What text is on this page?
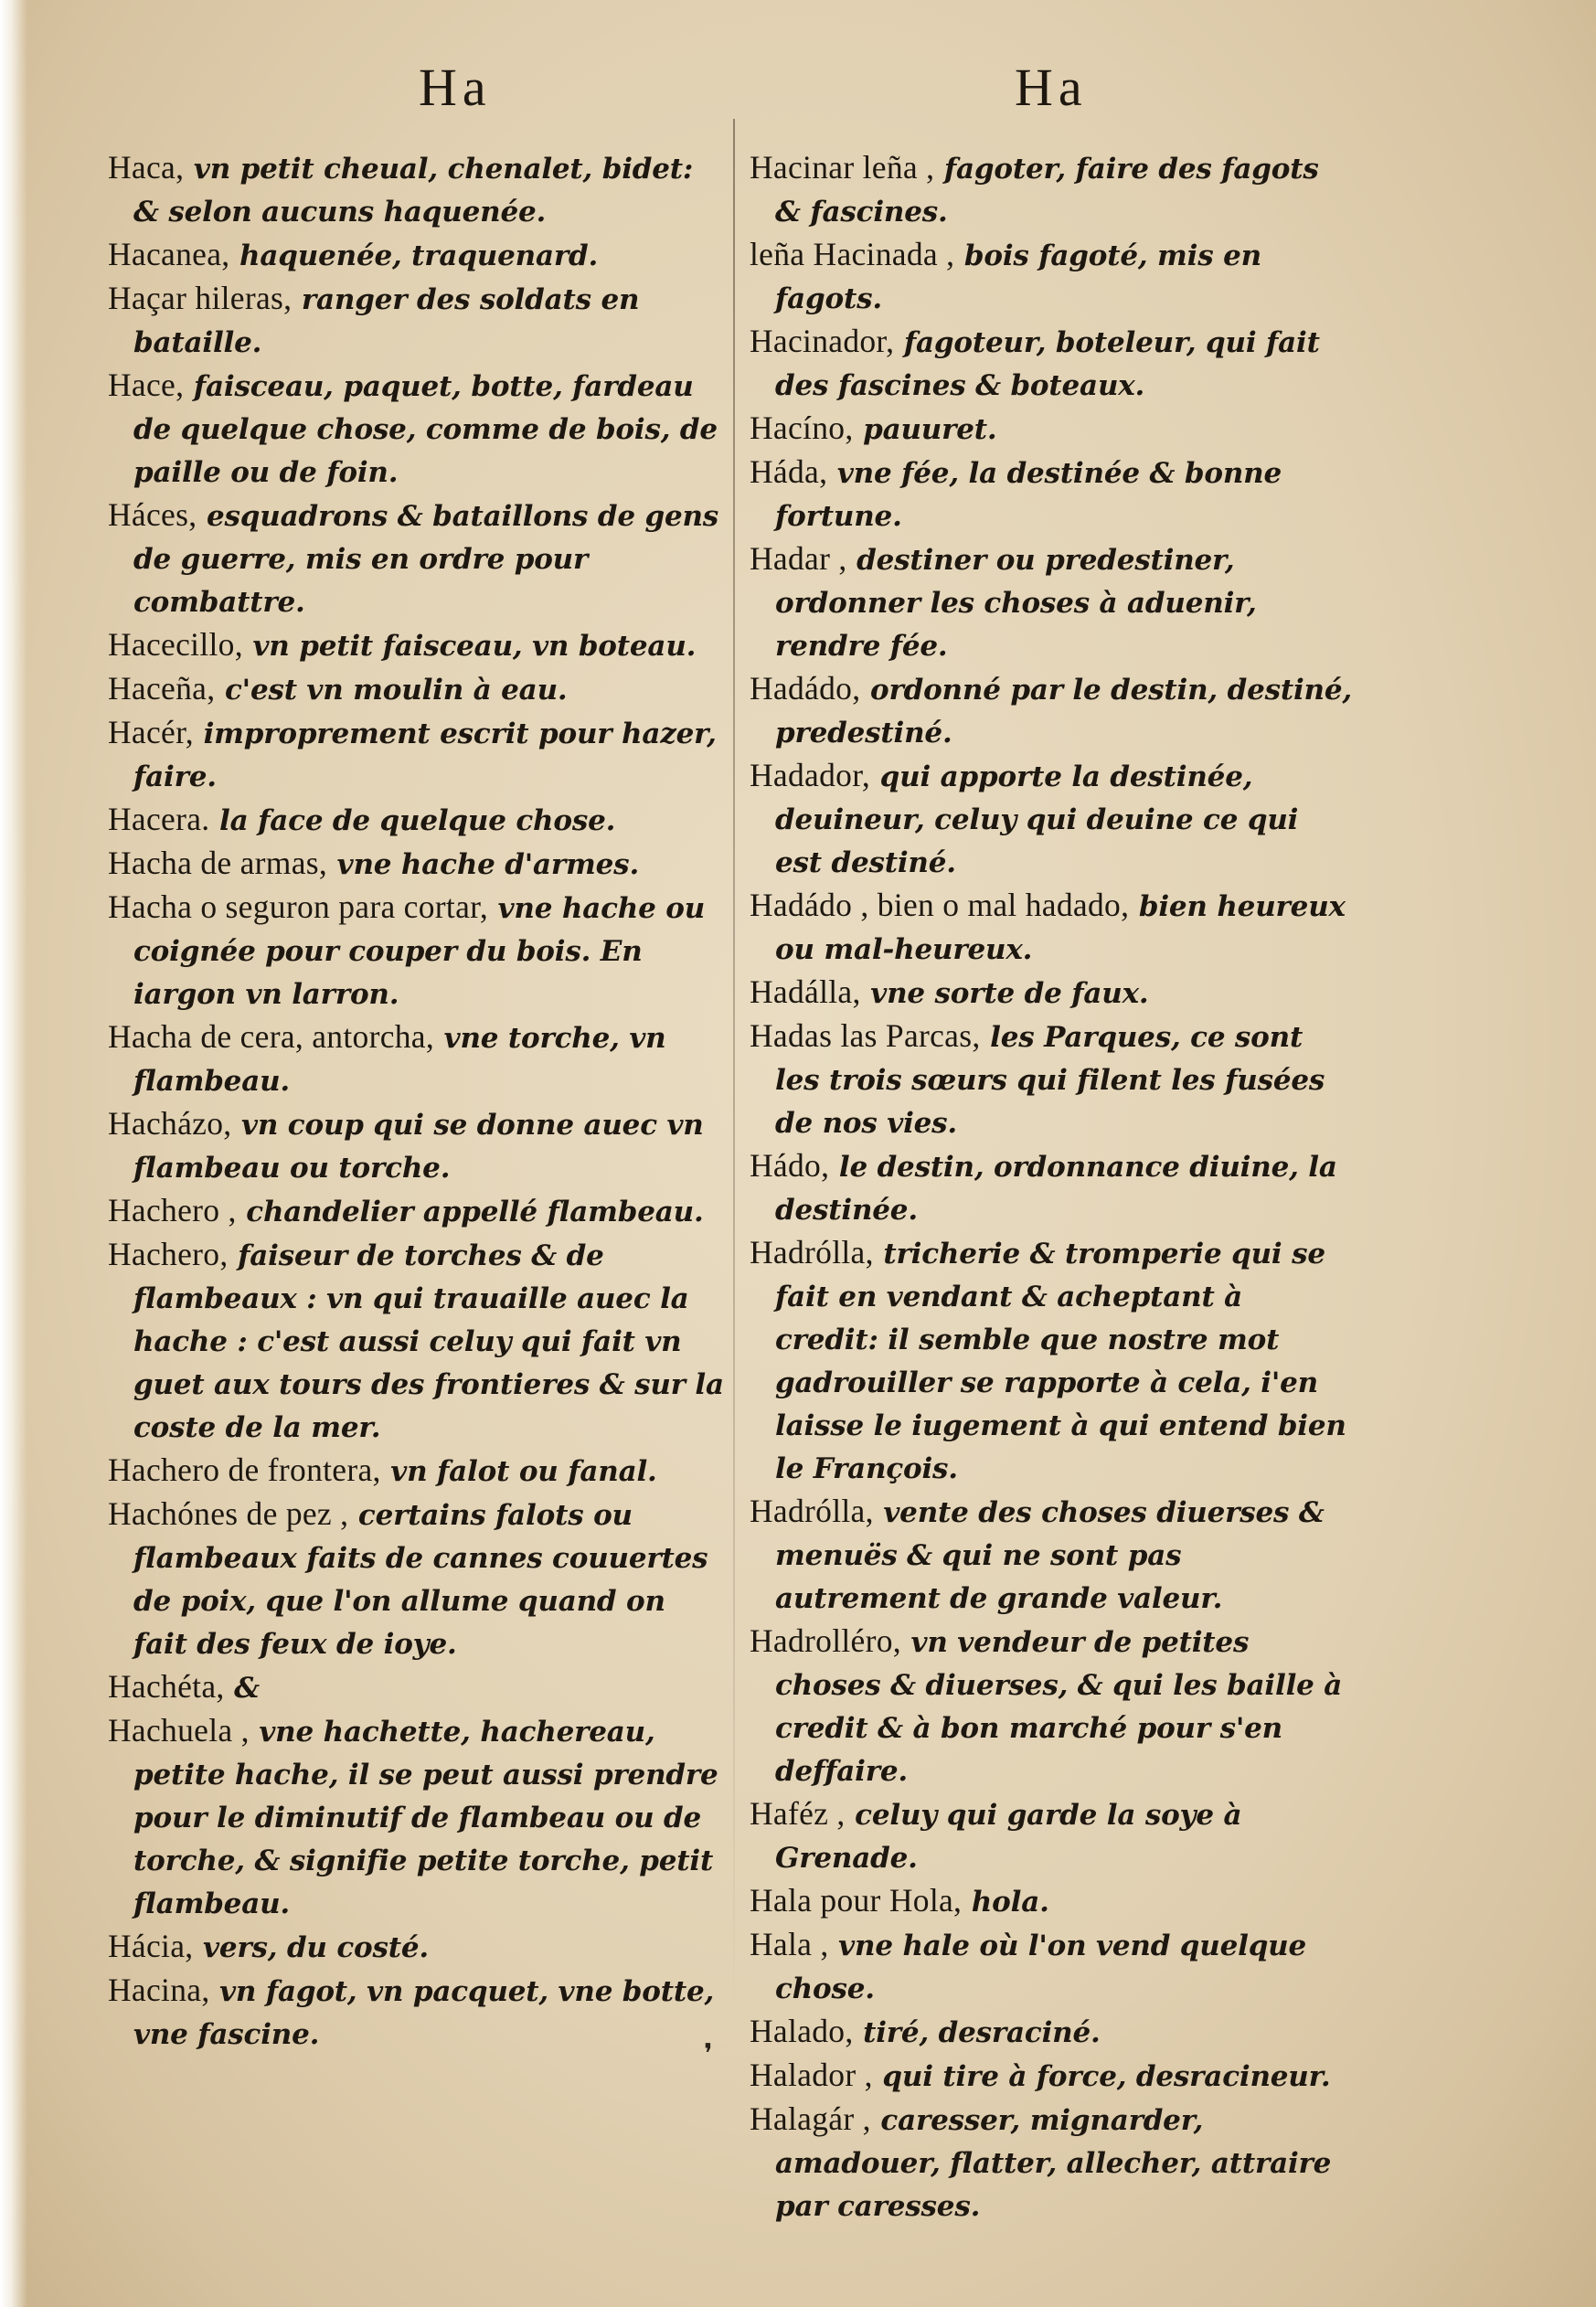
Ha	Ha
Haca, vn petit cheual, chenalet, bidet: & selon aucuns haquenée.
Hacanea, haquenée, traquenard.
Haçar hileras, ranger des soldats en bataille.
Hace, faisceau, paquet, botte, fardeau de quelque chose, comme de bois, de paille ou de foin.
Háces, esquadrons & bataillons de gens de guerre, mis en ordre pour combattre.
Hacecillo, vn petit faisceau, vn boteau.
Haceña, c'est vn moulin à eau.
Hacér, improprement escrit pour hazer, faire.
Hacera. la face de quelque chose.
Hacha de armas, vne hache d'armes.
Hacha o seguron para cortar, vne hache ou coignée pour couper du bois. En iargon vn larron.
Hacha de cera, antorcha, vne torche, vn flambeau.
Hacházo, vn coup qui se donne auec vn flambeau ou torche.
Hachero , chandelier appellé flambeau.
Hachero, faiseur de torches & de flambeaux : vn qui trauaille auec la hache : c'est aussi celuy qui fait vn guet aux tours des frontieres & sur la coste de la mer.
Hachero de frontera, vn falot ou fanal.
Hachónes de pez , certains falots ou flambeaux faits de cannes couuertes de poix, que l'on allume quand on fait des feux de ioye.
Hachéta, &
Hachuela , vne hachette, hachereau, petite hache, il se peut aussi prendre pour le diminutif de flambeau ou de torche, & signifie petite torche, petit flambeau.
Hácia, vers, du costé.
Hacina, vn fagot, vn pacquet, vne botte, vne fascine.
Hacinar leña , fagoter, faire des fagots & fascines.
leña Hacinada , bois fagoté, mis en fagots.
Hacinador, fagoteur, boteleur, qui fait des fascines & boteaux.
Hacíno, pauuret.
Háda, vne fée, la destinée & bonne fortune.
Hadar , destiner ou predestiner, ordonner les choses à aduenir, rendre fée.
Hadádo, ordonné par le destin, destiné, predestiné.
Hadador, qui apporte la destinée, deuineur, celuy qui deuine ce qui est destiné.
Hadádo , bien o mal hadado, bien heureux ou mal-heureux.
Hadálla, vne sorte de faux.
Hadas las Parcas, les Parques, ce sont les trois sœurs qui filent les fusées de nos vies.
Hádo, le destin, ordonnance diuine, la destinée.
Hadrólla, tricherie & tromperie qui se fait en vendant & acheptant à credit: il semble que nostre mot gadrouiller se rapporte à cela, i'en laisse le iugement à qui entend bien le François.
Hadrólla, vente des choses diuerses & menuës & qui ne sont pas autrement de grande valeur.
Hadrolléro, vn vendeur de petites choses & diuerses, & qui les baille à credit & à bon marché pour s'en deffaire.
Haféz , celuy qui garde la soye à Grenade.
Hala pour Hola, hola.
Hala , vne hale où l'on vend quelque chose.
Halado, tiré, desraciné.
Halador , qui tire à force, desracineur.
Halagár , caresser, mignarder, amadouer, flatter, allecher, attraire par caresses.
❜
